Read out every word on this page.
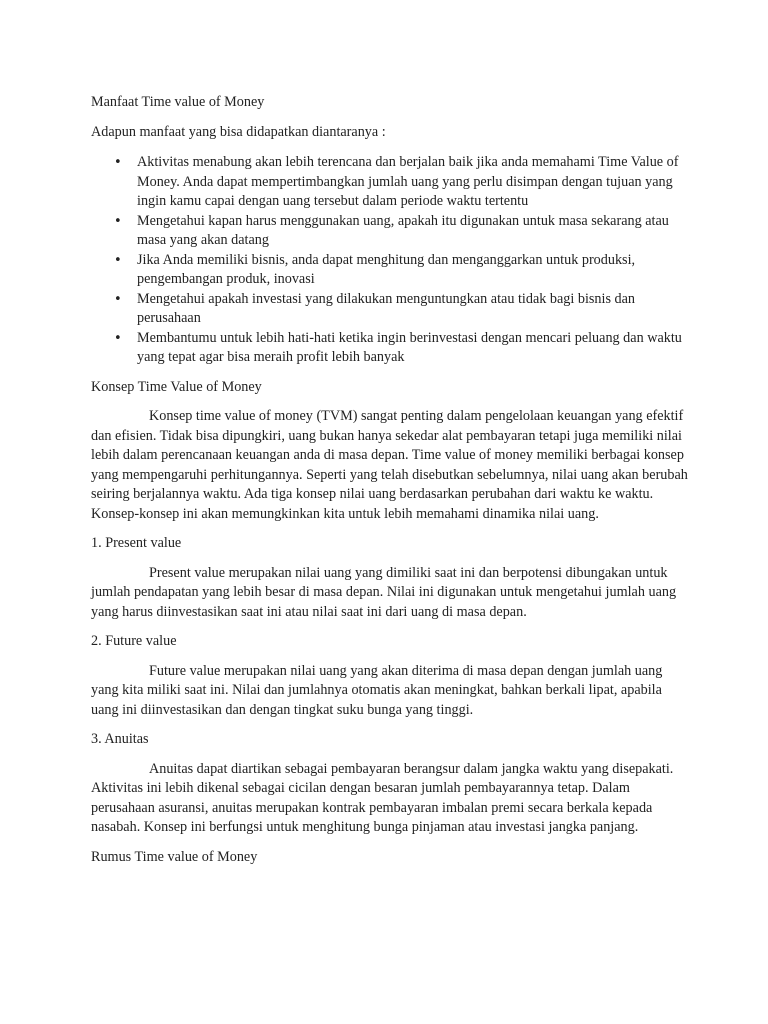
Manfaat Time value of Money

Adapun manfaat yang bisa didapatkan diantaranya :

• Aktivitas menabung akan lebih terencana dan berjalan baik jika anda memahami Time Value of Money. Anda dapat mempertimbangkan jumlah uang yang perlu disimpan dengan tujuan yang ingin kamu capai dengan uang tersebut dalam periode waktu tertentu
• Mengetahui kapan harus menggunakan uang, apakah itu digunakan untuk masa sekarang atau masa yang akan datang
• Jika Anda memiliki bisnis, anda dapat menghitung dan menganggarkan untuk produksi, pengembangan produk, inovasi
• Mengetahui apakah investasi yang dilakukan menguntungkan atau tidak bagi bisnis dan perusahaan
• Membantumu untuk lebih hati-hati ketika ingin berinvestasi dengan mencari peluang dan waktu yang tepat agar bisa meraih profit lebih banyak

Konsep Time Value of Money

Konsep time value of money (TVM) sangat penting dalam pengelolaan keuangan yang efektif dan efisien. Tidak bisa dipungkiri, uang bukan hanya sekedar alat pembayaran tetapi juga memiliki nilai lebih dalam perencanaan keuangan anda di masa depan. Time value of money memiliki berbagai konsep yang mempengaruhi perhitungannya. Seperti yang telah disebutkan sebelumnya, nilai uang akan berubah seiring berjalannya waktu. Ada tiga konsep nilai uang berdasarkan perubahan dari waktu ke waktu. Konsep-konsep ini akan memungkinkan kita untuk lebih memahami dinamika nilai uang.

1. Present value

Present value merupakan nilai uang yang dimiliki saat ini dan berpotensi dibungakan untuk jumlah pendapatan yang lebih besar di masa depan. Nilai ini digunakan untuk mengetahui jumlah uang yang harus diinvestasikan saat ini atau nilai saat ini dari uang di masa depan.

2. Future value

Future value merupakan nilai uang yang akan diterima di masa depan dengan jumlah uang yang kita miliki saat ini. Nilai dan jumlahnya otomatis akan meningkat, bahkan berkali lipat, apabila uang ini diinvestasikan dan dengan tingkat suku bunga yang tinggi.

3. Anuitas

Anuitas dapat diartikan sebagai pembayaran berangsur dalam jangka waktu yang disepakati. Aktivitas ini lebih dikenal sebagai cicilan dengan besaran jumlah pembayarannya tetap. Dalam perusahaan asuransi, anuitas merupakan kontrak pembayaran imbalan premi secara berkala kepada nasabah. Konsep ini berfungsi untuk menghitung bunga pinjaman atau investasi jangka panjang.

Rumus Time value of Money
